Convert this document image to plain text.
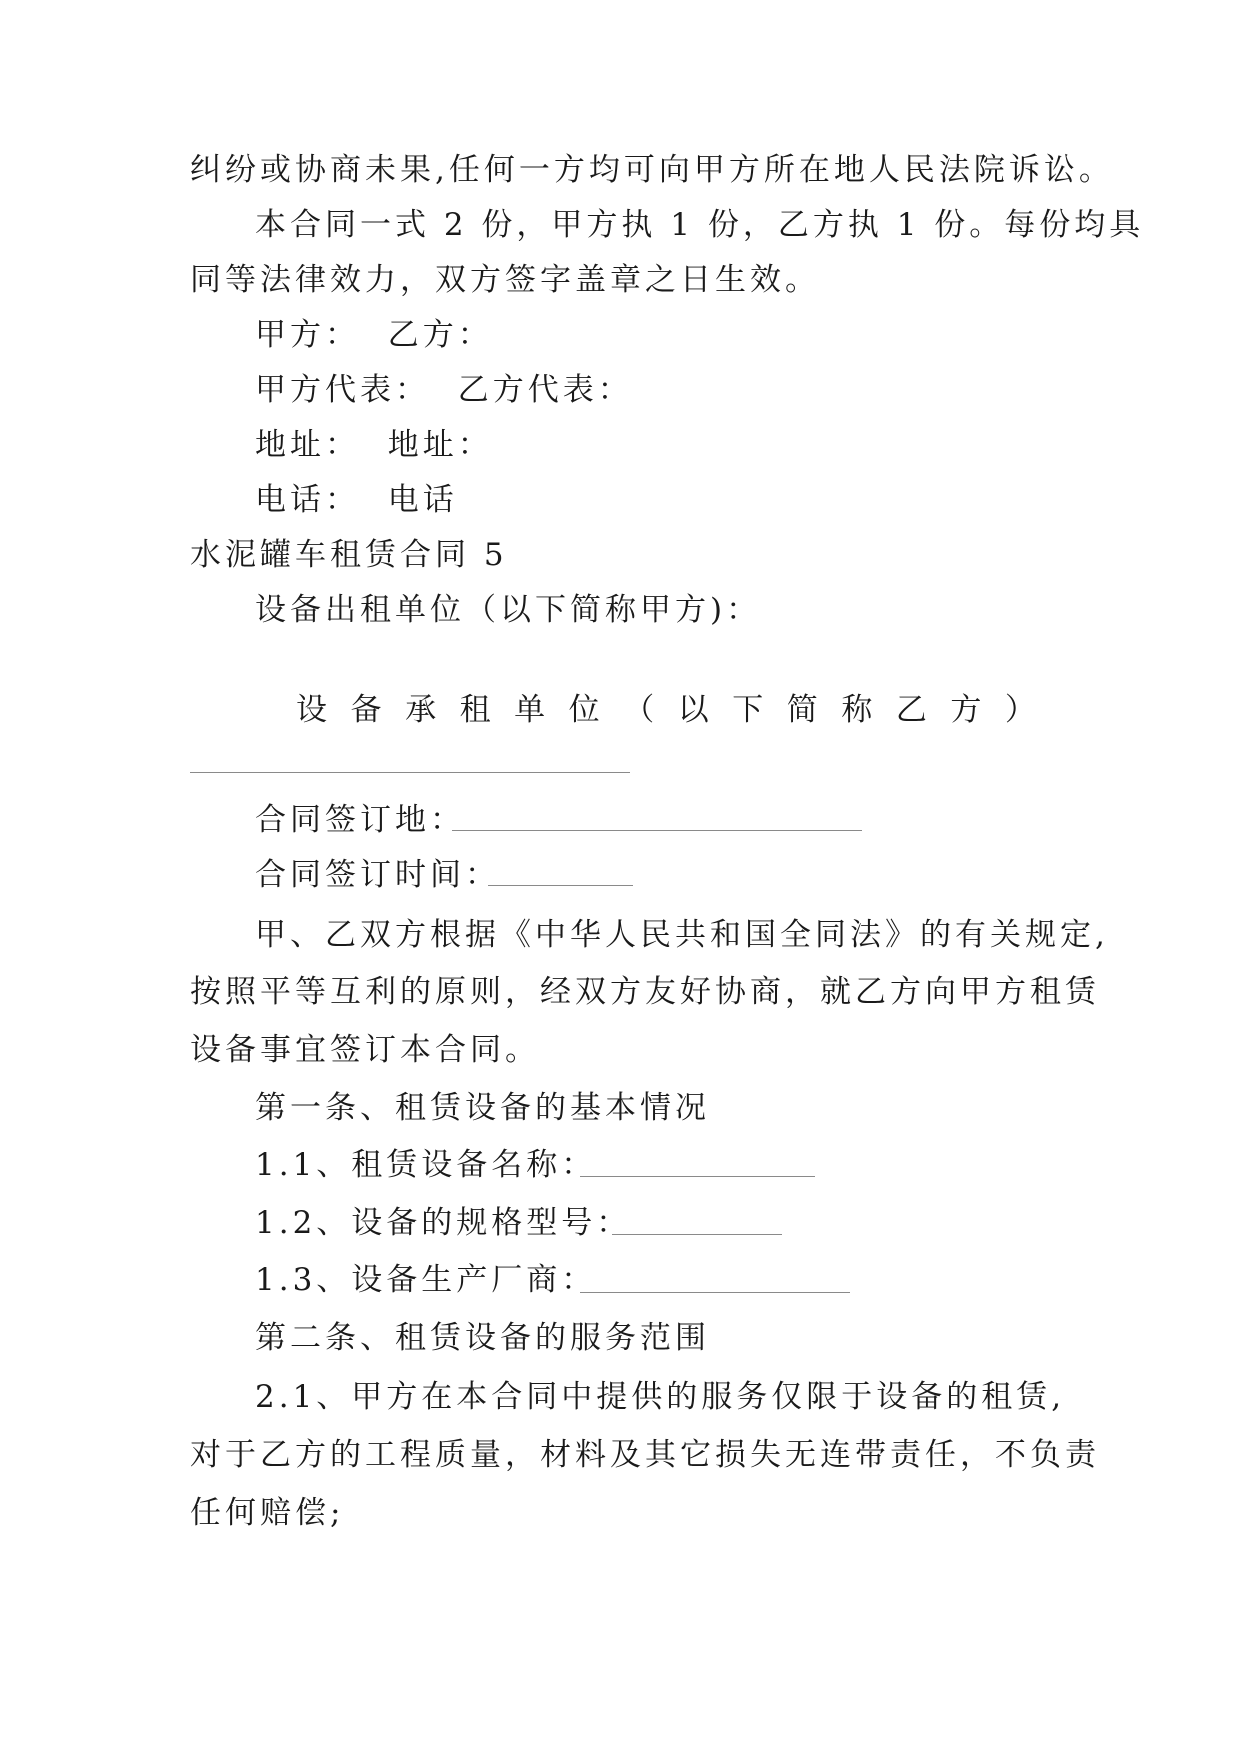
纠纷或协商未果,任何一方均可向甲方所在地人民法院诉讼。
本合同一式 2 份，甲方执 1 份，乙方执 1 份。每份均具
同等法律效力，双方签字盖章之日生效。
甲方：  乙方：
甲方代表：  乙方代表：
地址：  地址：
电话：  电话
水泥罐车租赁合同 5
设备出租单位（以下简称甲方)：
设 备 承 租 单 位 （ 以 下 简 称 乙 方 ）
合同签订地：
合同签订时间：
甲、乙双方根据《中华人民共和国全同法》的有关规定,
按照平等互利的原则，经双方友好协商，就乙方向甲方租赁
设备事宜签订本合同。
第一条、租赁设备的基本情况
1.1、租赁设备名称：
1.2、设备的规格型号：
1.3、设备生产厂商：
第二条、租赁设备的服务范围
2.1、甲方在本合同中提供的服务仅限于设备的租赁,
对于乙方的工程质量，材料及其它损失无连带责任，不负责
任何赔偿;
